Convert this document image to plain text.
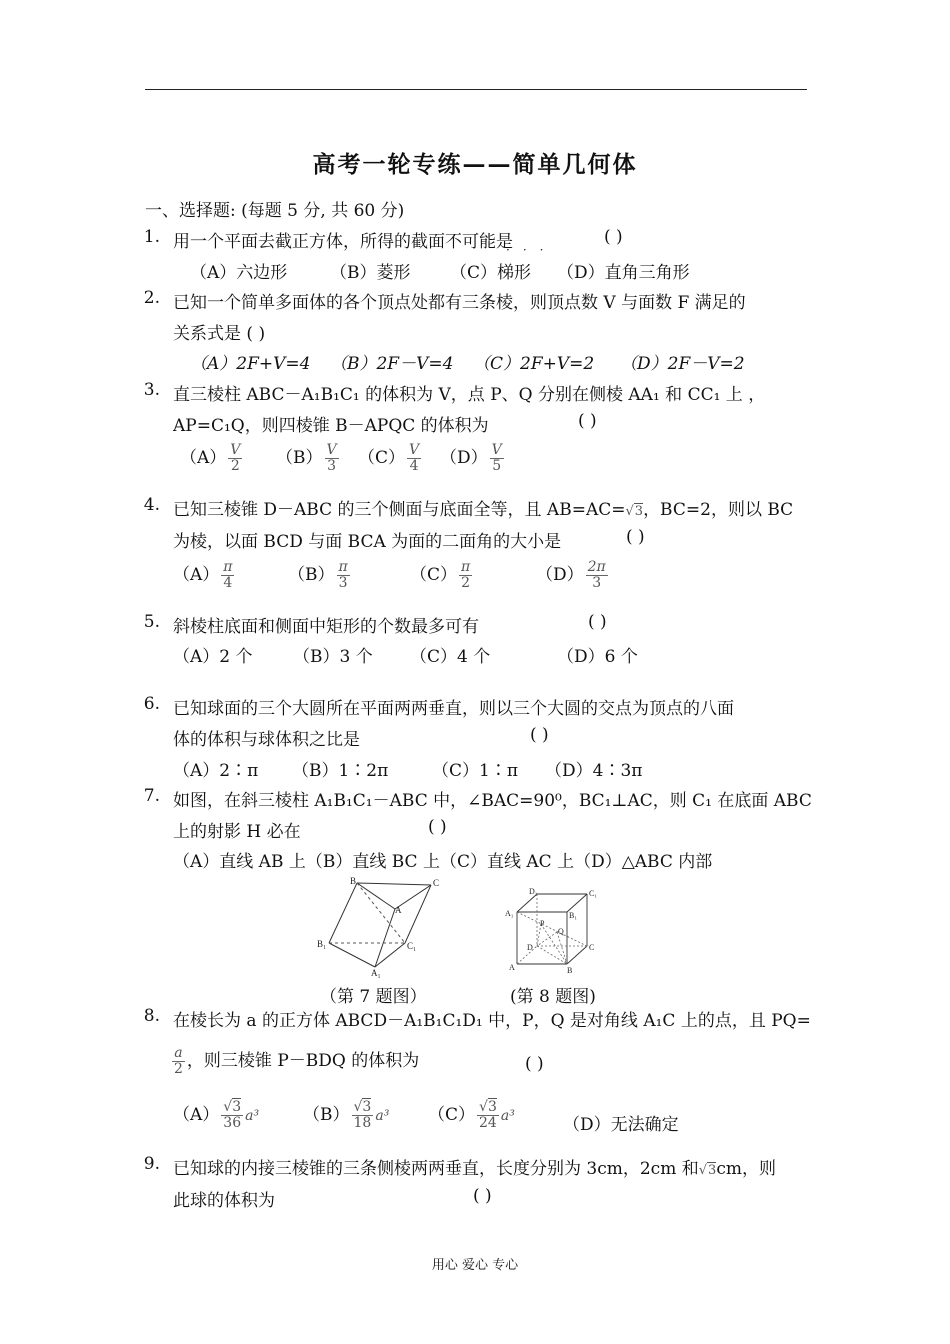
高考一轮专练——简单几何体
一、选择题: (每题 5 分, 共 60 分)
1. 用一个平面去截正方体，所得的截面不可能是
···
( )
（A）六边形	（B）菱形 （C）梯形 （D）直角三角形
2. 已知一个简单多面体的各个顶点处都有三条棱，则顶点数 V 与面数 F 满足的
关系式是 ( )
（A）2F+V=4 （B）2F－V=4 （C）2F+V=2 （D）2F－V=2
3. 直三棱柱 ABC－A₁B₁C₁ 的体积为 V，点 P、Q 分别在侧棱 AA₁ 和 CC₁ 上 ，
AP=C₁Q，则四棱锥 B－APQC 的体积为	( )
$(A) \frac{V}{2} (B) \frac{V}{3} (C) \frac{V}{4} (D) \frac{V}{5}$
4. 已知三棱锥 D－ABC 的三个侧面与底面全等，且 AB=AC=√3，BC=2，则以 BC
为棱，以面 BCD 与面 BCA 为面的二面角的大小是	( )
$(A) \frac{\pi}{4}$	$(B) \frac{\pi}{3}$	$(C) \frac{\pi}{2}$	$(D) \frac{2\pi}{3}$
5. 斜棱柱底面和侧面中矩形的个数最多可有	( )
（A）2 个 （B）3 个 （C）4 个	（D）6 个
6. 已知球面的三个大圆所在平面两两垂直，则以三个大圆的交点为顶点的八面
体的体积与球体积之比是	( )
（A）2∶π （B）1∶2π	（C）1∶π （D）4∶3π
7. 如图，在斜三棱柱 A₁B₁C₁－ABC 中，∠BAC=90⁰，BC₁⊥AC，则 C₁ 在底面 ABC
上的射影 H 必在	( )
（A）直线 AB 上（B）直线 BC 上（C）直线 AC 上（D）△ABC 内部
B	C
A
B₁	C₁
A₁
D₁	C₁
A₁	B₁
P
Q
D	C
A	B
（第 7 题图）	(第 8 题图)
8. 在棱长为 a 的正方体 ABCD－A₁B₁C₁D₁ 中，P，Q 是对角线 A₁C 上的点，且 PQ=
$\frac{a}{2}$ ，则三棱锥 P－BDQ 的体积为	( )
$(A) \frac{√3}{36} a^3$	$(B) \frac{√3}{18} a^3$ $(C) \frac{√3}{24} a^3$	（D）无法确定
9. 已知球的内接三棱锥的三条侧棱两两垂直，长度分别为 3cm，2cm 和√3cm，则
此球的体积为	( )
用心 爱心 专心
